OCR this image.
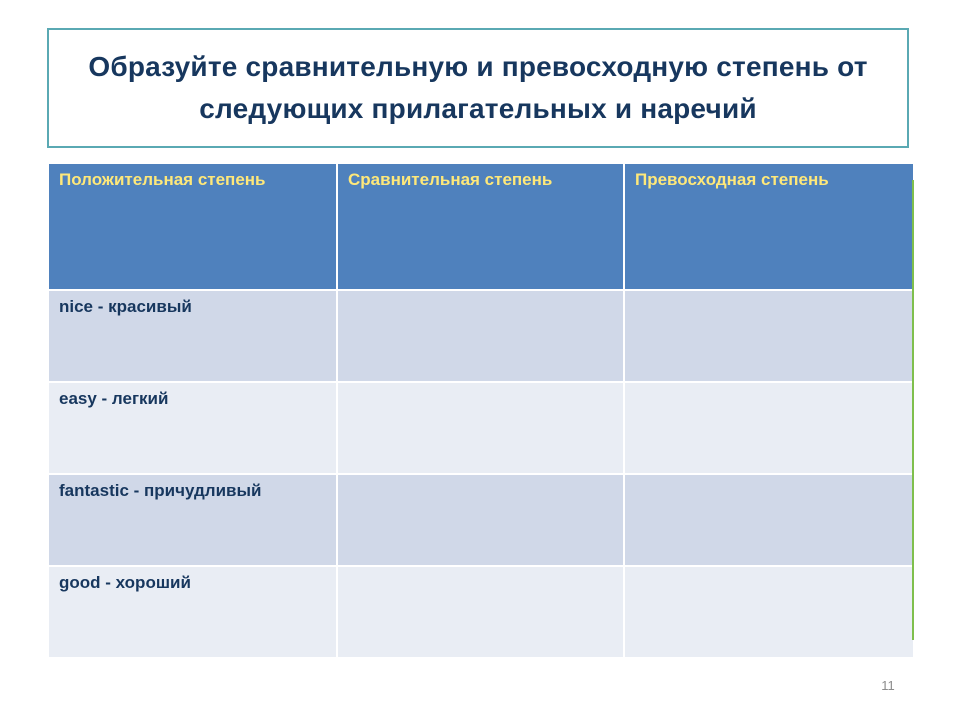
Образуйте сравнительную и превосходную степень от следующих прилагательных и наречий
Положительная степень	Сравнительная степень	Превосходная степень
nice - красивый		
easy - легкий		
fantastic - причудливый		
good - хороший		
11
